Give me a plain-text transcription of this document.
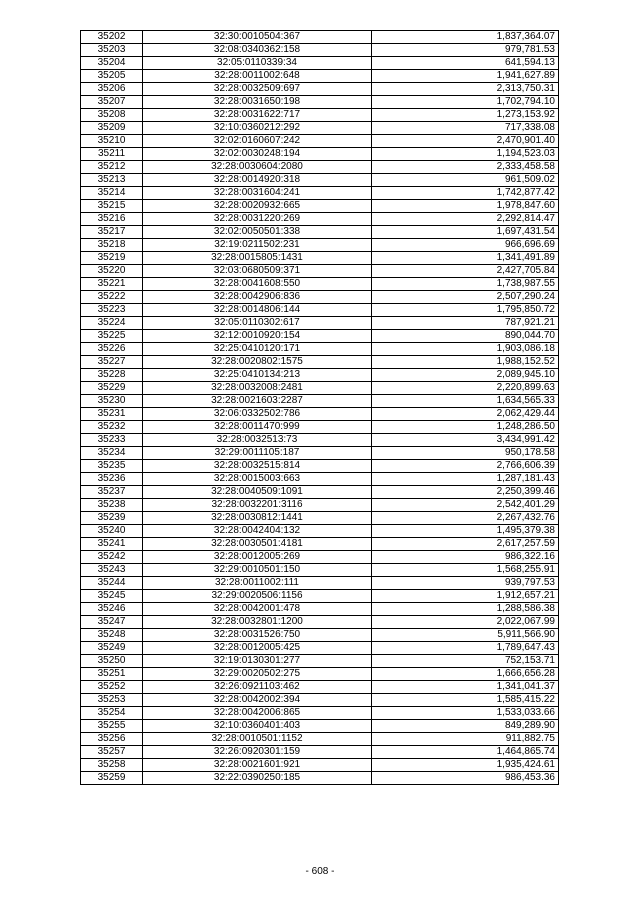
35202	32:30:0010504:367	1,837,364.07
35203	32:08:0340362:158	979,781.53
35204	32:05:0110339:34	641,594.13
35205	32:28:0011002:648	1,941,627.89
35206	32:28:0032509:697	2,313,750.31
35207	32:28:0031650:198	1,702,794.10
35208	32:28:0031622:717	1,273,153.92
35209	32:10:0360212:292	717,338.08
35210	32:02:0160607:242	2,470,901.40
35211	32:02:0030248:194	1,194,523.03
35212	32:28:0030604:2080	2,333,458.58
35213	32:28:0014920:318	961,509.02
35214	32:28:0031604:241	1,742,877.42
35215	32:28:0020932:665	1,978,847.60
35216	32:28:0031220:269	2,292,814.47
35217	32:02:0050501:338	1,697,431.54
35218	32:19:0211502:231	966,696.69
35219	32:28:0015805:1431	1,341,491.89
35220	32:03:0680509:371	2,427,705.84
35221	32:28:0041608:550	1,738,987.55
35222	32:28:0042906:836	2,507,290.24
35223	32:28:0014806:144	1,795,850.72
35224	32:05:0110302:617	787,921.21
35225	32:12:0010920:154	890,044.70
35226	32:25:0410120:171	1,903,086.18
35227	32:28:0020802:1575	1,988,152.52
35228	32:25:0410134:213	2,089,945.10
35229	32:28:0032008:2481	2,220,899.63
35230	32:28:0021603:2287	1,634,565.33
35231	32:06:0332502:786	2,062,429.44
35232	32:28:0011470:999	1,248,286.50
35233	32:28:0032513:73	3,434,991.42
35234	32:29:0011105:187	950,178.58
35235	32:28:0032515:814	2,766,606.39
35236	32:28:0015003:663	1,287,181.43
35237	32:28:0040509:1091	2,250,399.46
35238	32:28:0032201:3116	2,542,401.29
35239	32:28:0030812:1441	2,267,432.76
35240	32:28:0042404:132	1,495,379.38
35241	32:28:0030501:4181	2,617,257.59
35242	32:28:0012005:269	986,322.16
35243	32:29:0010501:150	1,568,255.91
35244	32:28:0011002:111	939,797.53
35245	32:29:0020506:1156	1,912,657.21
35246	32:28:0042001:478	1,288,586.38
35247	32:28:0032801:1200	2,022,067.99
35248	32:28:0031526:750	5,911,566.90
35249	32:28:0012005:425	1,789,647.43
35250	32:19:0130301:277	752,153.71
35251	32:29:0020502:275	1,666,656.28
35252	32:26:0921103:462	1,341,041.37
35253	32:28:0042002:394	1,585,415.22
35254	32:28:0042006:865	1,533,033.66
35255	32:10:0360401:403	849,289.90
35256	32:28:0010501:1152	911,882.75
35257	32:26:0920301:159	1,464,865.74
35258	32:28:0021601:921	1,935,424.61
35259	32:22:0390250:185	986,453.36
- 608 -
